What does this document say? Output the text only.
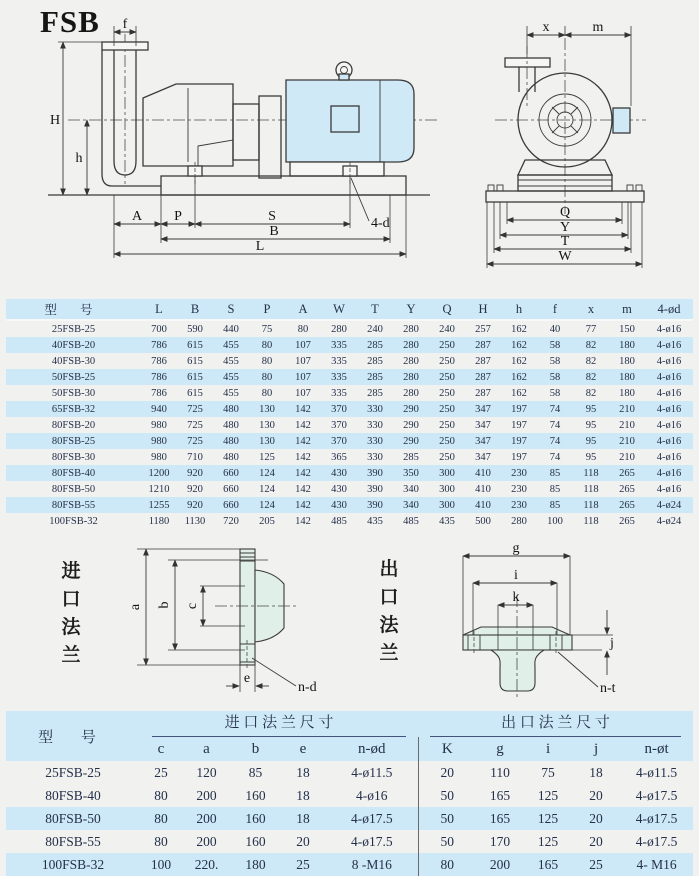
FSB f
H
h
A P	S
B
L
4-d
x	m
Q
Y
T
W
型 号	L	B	S	P	A	W	T	Y	Q	H	h	f	x	m	4-ød
25FSB-25	700	590	440	75	80	280	240	280	240	257	162	40	77	150	4-ø16
40FSB-20	786	615	455	80	107	335	285	280	250	287	162	58	82	180	4-ø16
40FSB-30	786	615	455	80	107	335	285	280	250	287	162	58	82	180	4-ø16
50FSB-25	786	615	455	80	107	335	285	280	250	287	162	58	82	180	4-ø16
50FSB-30	786	615	455	80	107	335	285	280	250	287	162	58	82	180	4-ø16
65FSB-32	940	725	480	130	142	370	330	290	250	347	197	74	95	210	4-ø16
80FSB-20	980	725	480	130	142	370	330	290	250	347	197	74	95	210	4-ø16
80FSB-25	980	725	480	130	142	370	330	290	250	347	197	74	95	210	4-ø16
80FSB-30	980	710	480	125	142	365	330	285	250	347	197	74	95	210	4-ø16
80FSB-40	1200	920	660	124	142	430	390	350	300	410	230	85	118	265	4-ø16
80FSB-50	1210	920	660	124	142	430	390	340	300	410	230	85	118	265	4-ø16
80FSB-55	1255	920	660	124	142	430	390	340	300	410	230	85	118	265	4-ø24
100FSB-32	1180	1130	720	205	142	485	435	485	435	500	280	100	118	265	4-ø24
进
口
法
兰
a b c
e
n-d
出
口
法
兰
g
i
k
j
n-t
型 号	进 口 法 兰 尺 寸					出 口 法 兰 尺 寸				

	c	a	b	e	n-ød	K	g	i	j	n-øt
25FSB-25	25	120	85	18	4-ø11.5	20	110	75	18	4-ø11.5
80FSB-40	80	200	160	18	4-ø16	50	165	125	20	4-ø17.5
80FSB-50	80	200	160	18	4-ø17.5	50	165	125	20	4-ø17.5
80FSB-55	80	200	160	20	4-ø17.5	50	170	125	20	4-ø17.5
100FSB-32	100	220.	180	25	8 -M16	80	200	165	25	4- M16
